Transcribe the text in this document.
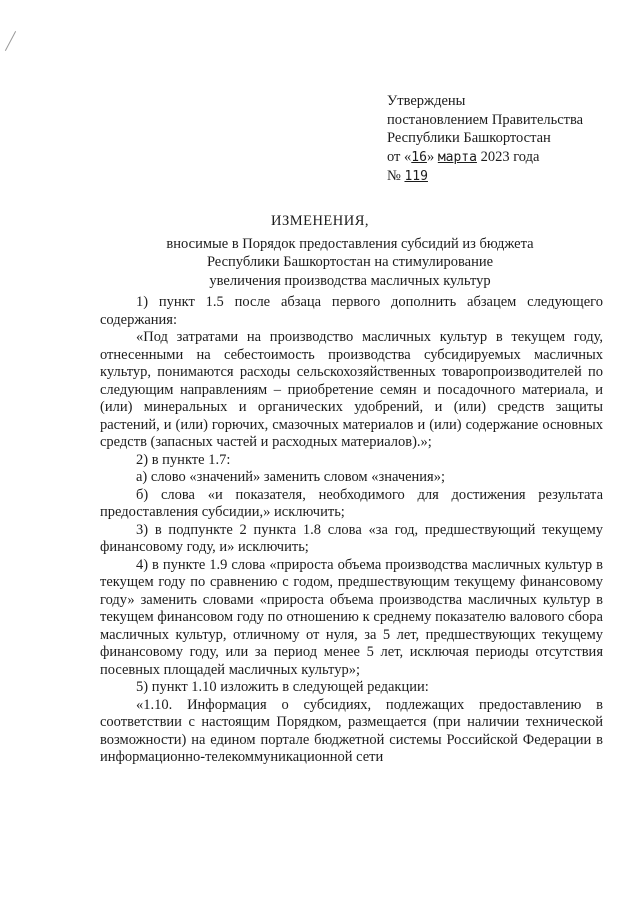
Утверждены
постановлением Правительства
Республики Башкортостан
от «16» марта 2023 года
№ 119
ИЗМЕНЕНИЯ,
вносимые в Порядок предоставления субсидий из бюджета
Республики Башкортостан на стимулирование
увеличения производства масличных культур

1) пункт 1.5 после абзаца первого дополнить абзацем следующего содержания:

«Под затратами на производство масличных культур в текущем году, отнесенными на себестоимость производства субсидируемых масличных культур, понимаются расходы сельскохозяйственных товаропроизводителей по следующим направлениям – приобретение семян и посадочного материала, и (или) минеральных и органических удобрений, и (или) средств защиты растений, и (или) горючих, смазочных материалов и (или) содержание основных средств (запасных частей и расходных материалов).»;

2) в пункте 1.7:

а) слово «значений» заменить словом «значения»;

б) слова «и показателя, необходимого для достижения результата предоставления субсидии,» исключить;

3) в подпункте 2 пункта 1.8 слова «за год, предшествующий текущему финансовому году, и» исключить;

4) в пункте 1.9 слова «прироста объема производства масличных культур в текущем году по сравнению с годом, предшествующим текущему финансовому году» заменить словами «прироста объема производства масличных культур в текущем финансовом году по отношению к среднему показателю валового сбора масличных культур, отличному от нуля, за 5 лет, предшествующих текущему финансовому году, или за период менее 5 лет, исключая периоды отсутствия посевных площадей масличных культур»;

5) пункт 1.10 изложить в следующей редакции:

«1.10. Информация о субсидиях, подлежащих предоставлению в соответствии с настоящим Порядком, размещается (при наличии технической возможности) на едином портале бюджетной системы Российской Федерации в информационно-телекоммуникационной сети
